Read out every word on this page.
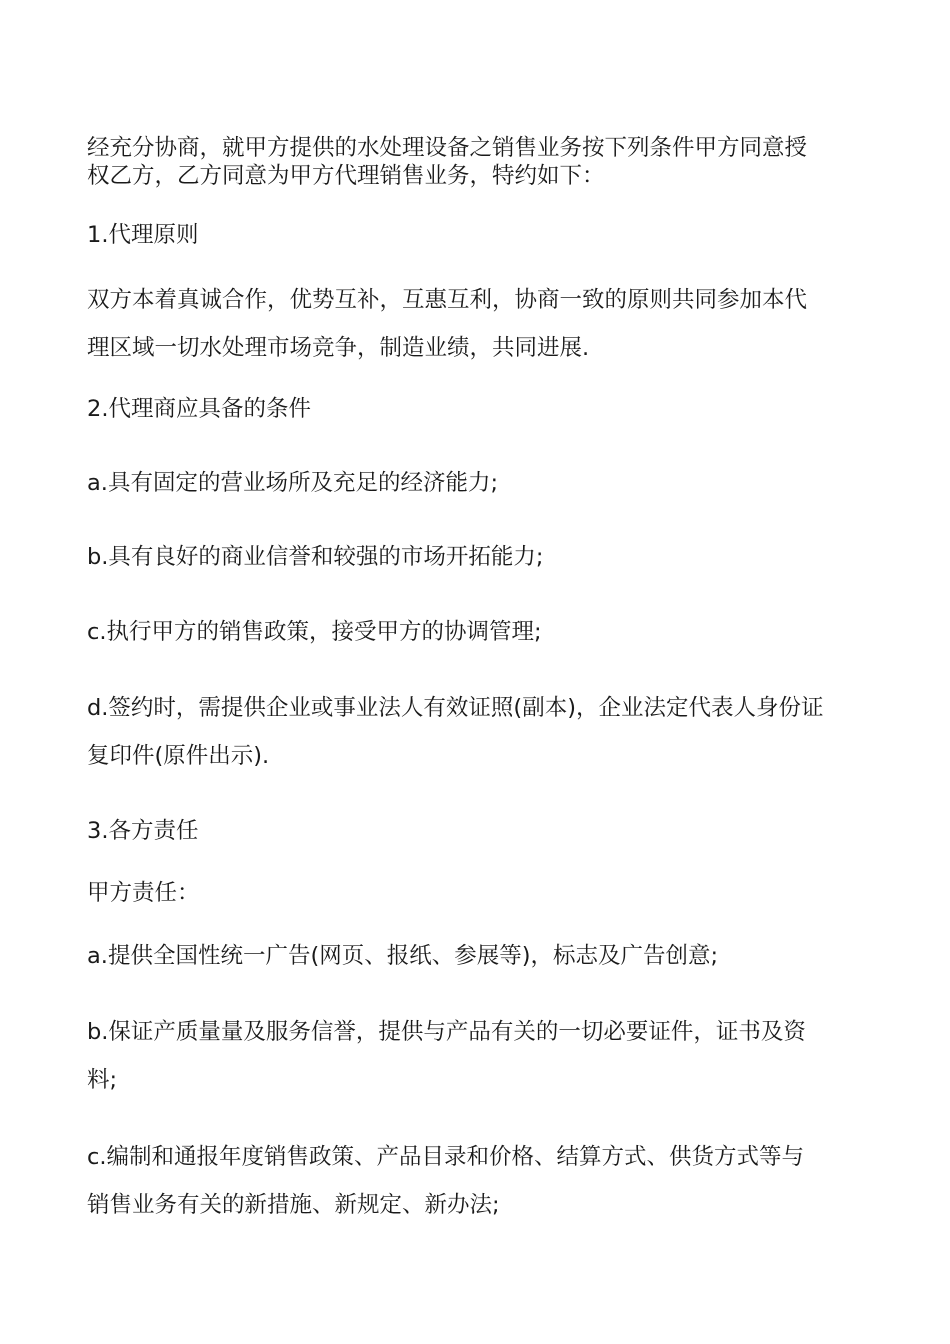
经充分协商，就甲方提供的水处理设备之销售业务按下列条件甲方同意授
权乙方，乙方同意为甲方代理销售业务，特约如下：
1.代理原则
双方本着真诚合作，优势互补，互惠互利，协商一致的原则共同参加本代
理区域一切水处理市场竞争，制造业绩，共同进展.
2.代理商应具备的条件
a.具有固定的营业场所及充足的经济能力;
b.具有良好的商业信誉和较强的市场开拓能力;
c.执行甲方的销售政策，接受甲方的协调管理;
d.签约时，需提供企业或事业法人有效证照(副本)，企业法定代表人身份证
复印件(原件出示).
3.各方责任
甲方责任：
a.提供全国性统一广告(网页、报纸、参展等)，标志及广告创意;
b.保证产质量量及服务信誉，提供与产品有关的一切必要证件，证书及资
料;
c.编制和通报年度销售政策、产品目录和价格、结算方式、供货方式等与
销售业务有关的新措施、新规定、新办法;
